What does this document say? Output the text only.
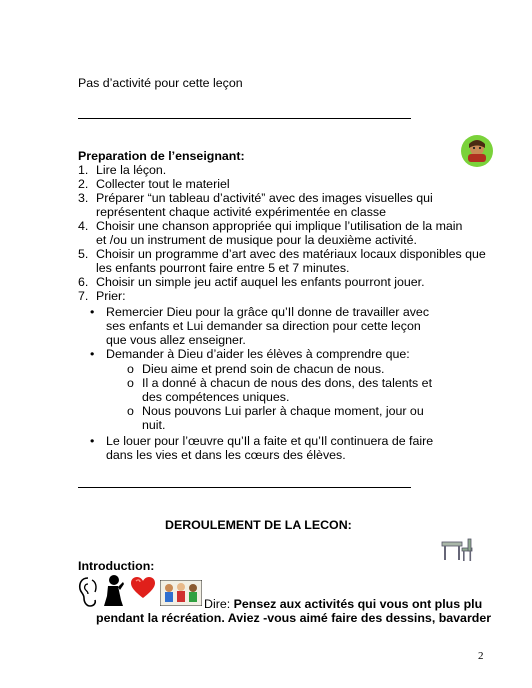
Pas d’activité pour cette leçon
Preparation de l’enseignant:
1. Lire la léçon.
2. Collecter tout le materiel
3. Préparer “un tableau d’activité” avec des images visuelles qui
représentent chaque activité expérimentée en classe
4. Choisir une chanson appropriée qui implique l’utilisation de la main
et /ou un instrument de musique pour la deuxième activité.
5. Choisir un programme d’art avec des matériaux locaux disponibles que
les enfants pourront faire entre 5 et 7 minutes.
6. Choisir un simple jeu actif auquel les enfants pourront jouer.
7. Prier:
• Remercier Dieu pour la grâce qu’Il donne de travailler avec
ses enfants et Lui demander sa direction pour cette leçon
que vous allez enseigner.
• Demander à Dieu d’aider les élèves à comprendre que:
o Dieu aime et prend soin de chacun de nous.
o Il a donné à chacun de nous des dons, des talents et
des compétences uniques.
o Nous pouvons Lui parler à chaque moment, jour ou
nuit.
• Le louer pour l’œuvre qu’Il a faite et qu’Il continuera de faire
dans les vies et dans les cœurs des élèves.
DEROULEMENT DE LA LECON:
Introduction:
Dire: Pensez aux activités qui vous ont plus plu
pendant la récréation. Aviez -vous aimé faire des dessins, bavarder
2
